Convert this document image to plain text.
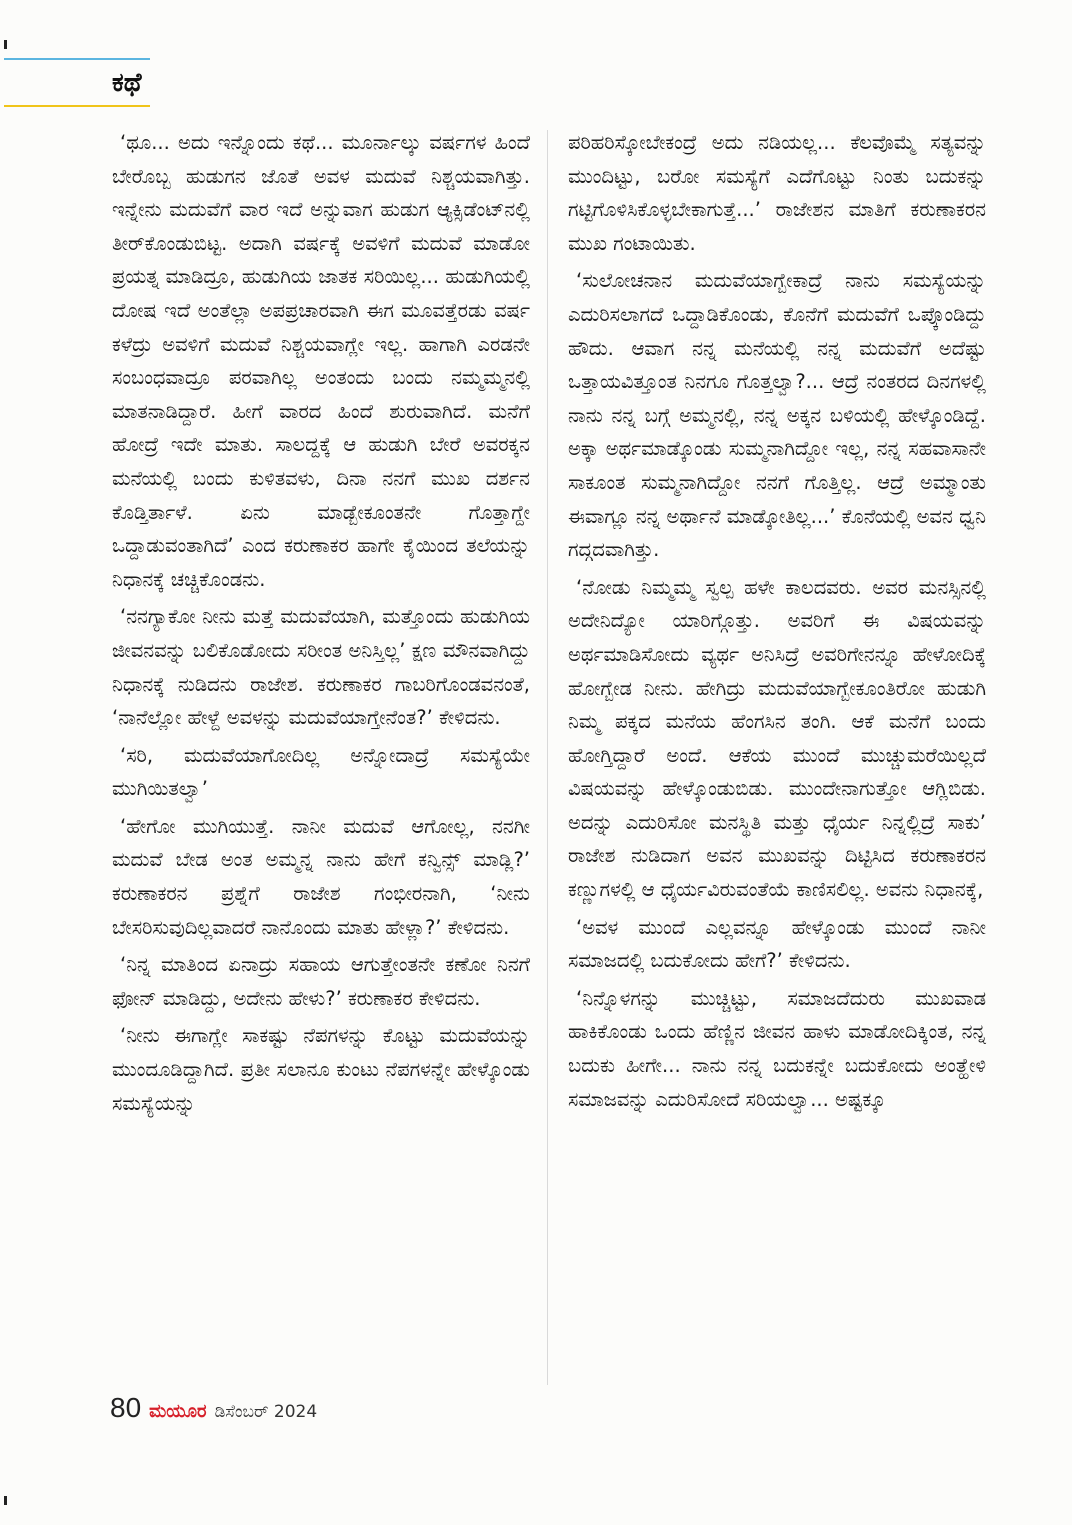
ಕಥೆ

‘ಥೂ... ಅದು ಇನ್ನೊಂದು ಕಥೆ... ಮೂರ್ನಾಲ್ಕು ವರ್ಷಗಳ ಹಿಂದೆ ಬೇರೊಬ್ಬ ಹುಡುಗನ ಜೊತೆ ಅವಳ ಮದುವೆ ನಿಶ್ಚಯವಾಗಿತ್ತು. ಇನ್ನೇನು ಮದುವೆಗೆ ವಾರ ಇದೆ ಅನ್ನುವಾಗ ಹುಡುಗ ಆ್ಯಕ್ಸಿಡೆಂಟ್‌ನಲ್ಲಿ ತೀರ್‌ಕೊಂಡುಬಿಟ್ಟ. ಅದಾಗಿ ವರ್ಷಕ್ಕೆ ಅವಳಿಗೆ ಮದುವೆ ಮಾಡೋ ಪ್ರಯತ್ನ ಮಾಡಿದ್ರೂ, ಹುಡುಗಿಯ ಜಾತಕ ಸರಿಯಿಲ್ಲ... ಹುಡುಗಿಯಲ್ಲಿ ದೋಷ ಇದೆ ಅಂತೆಲ್ಲಾ ಅಪಪ್ರಚಾರವಾಗಿ ಈಗ ಮೂವತ್ತೆರಡು ವರ್ಷ ಕಳೆದ್ರು ಅವಳಿಗೆ ಮದುವೆ ನಿಶ್ಚಯವಾಗ್ಲೇ ಇಲ್ಲ. ಹಾಗಾಗಿ ಎರಡನೇ ಸಂಬಂಧವಾದ್ರೂ ಪರವಾಗಿಲ್ಲ ಅಂತಂದು ಬಂದು ನಮ್ಮಮ್ಮನಲ್ಲಿ ಮಾತನಾಡಿದ್ದಾರೆ. ಹೀಗೆ ವಾರದ ಹಿಂದೆ ಶುರುವಾಗಿದೆ. ಮನೆಗೆ ಹೋದ್ರೆ ಇದೇ ಮಾತು. ಸಾಲದ್ದಕ್ಕೆ ಆ ಹುಡುಗಿ ಬೇರೆ ಅವರಕ್ಕನ ಮನೆಯಲ್ಲಿ ಬಂದು ಕುಳಿತವಳು, ದಿನಾ ನನಗೆ ಮುಖ ದರ್ಶನ ಕೊಡ್ತಿರ್ತಾಳೆ. ಏನು ಮಾಡ್ಬೇಕೂಂತನೇ ಗೊತ್ತಾಗ್ದೇ ಒದ್ದಾಡುವಂತಾಗಿದೆ’ ಎಂದ ಕರುಣಾಕರ ಹಾಗೇ ಕೈಯಿಂದ ತಲೆಯನ್ನು ನಿಧಾನಕ್ಕೆ ಚಚ್ಚಿಕೊಂಡನು.

‘ನನಗ್ಯಾಕೋ ನೀನು ಮತ್ತೆ ಮದುವೆಯಾಗಿ, ಮತ್ತೊಂದು ಹುಡುಗಿಯ ಜೀವನವನ್ನು ಬಲಿಕೊಡೋದು ಸರೀಂತ ಅನಿಸ್ತಿಲ್ಲ’ ಕ್ಷಣ ಮೌನವಾಗಿದ್ದು ನಿಧಾನಕ್ಕೆ ನುಡಿದನು ರಾಜೇಶ. ಕರುಣಾಕರ ಗಾಬರಿಗೊಂಡವನಂತೆ, ‘ನಾನೆಲ್ಲೋ ಹೇಳ್ದೆ ಅವಳನ್ನು ಮದುವೆಯಾಗ್ತೇನೆಂತ?’ ಕೇಳಿದನು.

‘ಸರಿ, ಮದುವೆಯಾಗೋದಿಲ್ಲ ಅನ್ನೋದಾದ್ರೆ ಸಮಸ್ಯೆಯೇ ಮುಗಿಯಿತಲ್ವಾ’

‘ಹೇಗೋ ಮುಗಿಯುತ್ತೆ. ನಾನೀ ಮದುವೆ ಆಗೋಲ್ಲ, ನನಗೀ ಮದುವೆ ಬೇಡ ಅಂತ ಅಮ್ಮನ್ನ ನಾನು ಹೇಗೆ ಕನ್ವಿನ್ಸ್ ಮಾಡ್ಲಿ?’ ಕರುಣಾಕರನ ಪ್ರಶ್ನೆಗೆ ರಾಜೇಶ ಗಂಭೀರನಾಗಿ, ‘ನೀನು ಬೇಸರಿಸುವುದಿಲ್ಲವಾದರೆ ನಾನೊಂದು ಮಾತು ಹೇಳ್ಲಾ?’ ಕೇಳಿದನು.

‘ನಿನ್ನ ಮಾತಿಂದ ಏನಾದ್ರು ಸಹಾಯ ಆಗುತ್ತೇಂತನೇ ಕಣೋ ನಿನಗೆ ಫೋನ್ ಮಾಡಿದ್ದು, ಅದೇನು ಹೇಳು?’ ಕರುಣಾಕರ ಕೇಳಿದನು.

‘ನೀನು ಈಗಾಗ್ಲೇ ಸಾಕಷ್ಟು ನೆಪಗಳನ್ನು ಕೊಟ್ಟು ಮದುವೆಯನ್ನು ಮುಂದೂಡಿದ್ದಾಗಿದೆ. ಪ್ರತೀ ಸಲಾನೂ ಕುಂಟು ನೆಪಗಳನ್ನೇ ಹೇಳ್ಕೊಂಡು ಸಮಸ್ಯೆಯನ್ನು

ಪರಿಹರಿಸ್ಕೋಬೇಕಂದ್ರೆ ಅದು ನಡಿಯಲ್ಲ... ಕೆಲವೊಮ್ಮೆ ಸತ್ಯವನ್ನು ಮುಂದಿಟ್ಟು, ಬರೋ ಸಮಸ್ಯೆಗೆ ಎದೆಗೊಟ್ಟು ನಿಂತು ಬದುಕನ್ನು ಗಟ್ಟಿಗೊಳಿಸಿಕೊಳ್ಳಬೇಕಾಗುತ್ತೆ...’ ರಾಜೇಶನ ಮಾತಿಗೆ ಕರುಣಾಕರನ ಮುಖ ಗಂಟಾಯಿತು.

‘ಸುಲೋಚನಾನ ಮದುವೆಯಾಗ್ಬೇಕಾದ್ರೆ ನಾನು ಸಮಸ್ಯೆಯನ್ನು ಎದುರಿಸಲಾಗದೆ ಒದ್ದಾಡಿಕೊಂಡು, ಕೊನೆಗೆ ಮದುವೆಗೆ ಒಪ್ಕೊಂಡಿದ್ದು ಹೌದು. ಆವಾಗ ನನ್ನ ಮನೆಯಲ್ಲಿ ನನ್ನ ಮದುವೆಗೆ ಅದೆಷ್ಟು ಒತ್ತಾಯವಿತ್ತೂಂತ ನಿನಗೂ ಗೊತ್ತಲ್ವಾ?... ಆದ್ರೆ ನಂತರದ ದಿನಗಳಲ್ಲಿ ನಾನು ನನ್ನ ಬಗ್ಗೆ ಅಮ್ಮನಲ್ಲಿ, ನನ್ನ ಅಕ್ಕನ ಬಳಿಯಲ್ಲಿ ಹೇಳ್ಕೊಂಡಿದ್ದೆ. ಅಕ್ಕಾ ಅರ್ಥಮಾಡ್ಕೊಂಡು ಸುಮ್ಮನಾಗಿದ್ದೋ ಇಲ್ಲ, ನನ್ನ ಸಹವಾಸಾನೇ ಸಾಕೂಂತ ಸುಮ್ಮನಾಗಿದ್ದೋ ನನಗೆ ಗೊತ್ತಿಲ್ಲ. ಆದ್ರೆ ಅಮ್ಮಾಂತು ಈವಾಗ್ಲೂ ನನ್ನ ಅರ್ಥಾನೆ ಮಾಡ್ಕೋತಿಲ್ಲ...’ ಕೊನೆಯಲ್ಲಿ ಅವನ ಧ್ವನಿ ಗದ್ಗದವಾಗಿತ್ತು.

‘ನೋಡು ನಿಮ್ಮಮ್ಮ ಸ್ವಲ್ಪ ಹಳೇ ಕಾಲದವರು. ಅವರ ಮನಸ್ಸಿನಲ್ಲಿ ಅದೇನಿದ್ಯೋ ಯಾರಿಗ್ಗೊತ್ತು. ಅವರಿಗೆ ಈ ವಿಷಯವನ್ನು ಅರ್ಥಮಾಡಿಸೋದು ವ್ಯರ್ಥ ಅನಿಸಿದ್ರೆ ಅವರಿಗೇನನ್ನೂ ಹೇಳೋದಿಕ್ಕೆ ಹೋಗ್ಬೇಡ ನೀನು. ಹೇಗಿದ್ರು ಮದುವೆಯಾಗ್ಬೇಕೂಂತಿರೋ ಹುಡುಗಿ ನಿಮ್ಮ ಪಕ್ಕದ ಮನೆಯ ಹೆಂಗಸಿನ ತಂಗಿ. ಆಕೆ ಮನೆಗೆ ಬಂದು ಹೋಗ್ತಿದ್ದಾರೆ ಅಂದೆ. ಆಕೆಯ ಮುಂದೆ ಮುಚ್ಚುಮರೆಯಿಲ್ಲದೆ ವಿಷಯವನ್ನು ಹೇಳ್ಕೊಂಡುಬಿಡು. ಮುಂದೇನಾಗುತ್ತೋ ಆಗ್ಲಿಬಿಡು. ಅದನ್ನು ಎದುರಿಸೋ ಮನಸ್ಥಿತಿ ಮತ್ತು ಧೈರ್ಯ ನಿನ್ನಲ್ಲಿದ್ರೆ ಸಾಕು’ ರಾಜೇಶ ನುಡಿದಾಗ ಅವನ ಮುಖವನ್ನು ದಿಟ್ಟಿಸಿದ ಕರುಣಾಕರನ ಕಣ್ಣುಗಳಲ್ಲಿ ಆ ಧೈರ್ಯವಿರುವಂತೆಯೆ ಕಾಣಿಸಲಿಲ್ಲ. ಅವನು ನಿಧಾನಕ್ಕೆ,

‘ಅವಳ ಮುಂದೆ ಎಲ್ಲವನ್ನೂ ಹೇಳ್ಕೊಂಡು ಮುಂದೆ ನಾನೀ ಸಮಾಜದಲ್ಲಿ ಬದುಕೋದು ಹೇಗೆ?’ ಕೇಳಿದನು.

‘ನಿನ್ನೊಳಗನ್ನು ಮುಚ್ಚಿಟ್ಟು, ಸಮಾಜದೆದುರು ಮುಖವಾಡ ಹಾಕಿಕೊಂಡು ಒಂದು ಹೆಣ್ಣಿನ ಜೀವನ ಹಾಳು ಮಾಡೋದಿಕ್ಕಿಂತ, ನನ್ನ ಬದುಕು ಹೀಗೇ... ನಾನು ನನ್ನ ಬದುಕನ್ನೇ ಬದುಕೋದು ಅಂತ್ಹೇಳಿ ಸಮಾಜವನ್ನು ಎದುರಿಸೋದೆ ಸರಿಯಲ್ವಾ... ಅಷ್ಟಕ್ಕೂ

80 ಮಯೂರ ಡಿಸೆಂಬರ್ 2024
